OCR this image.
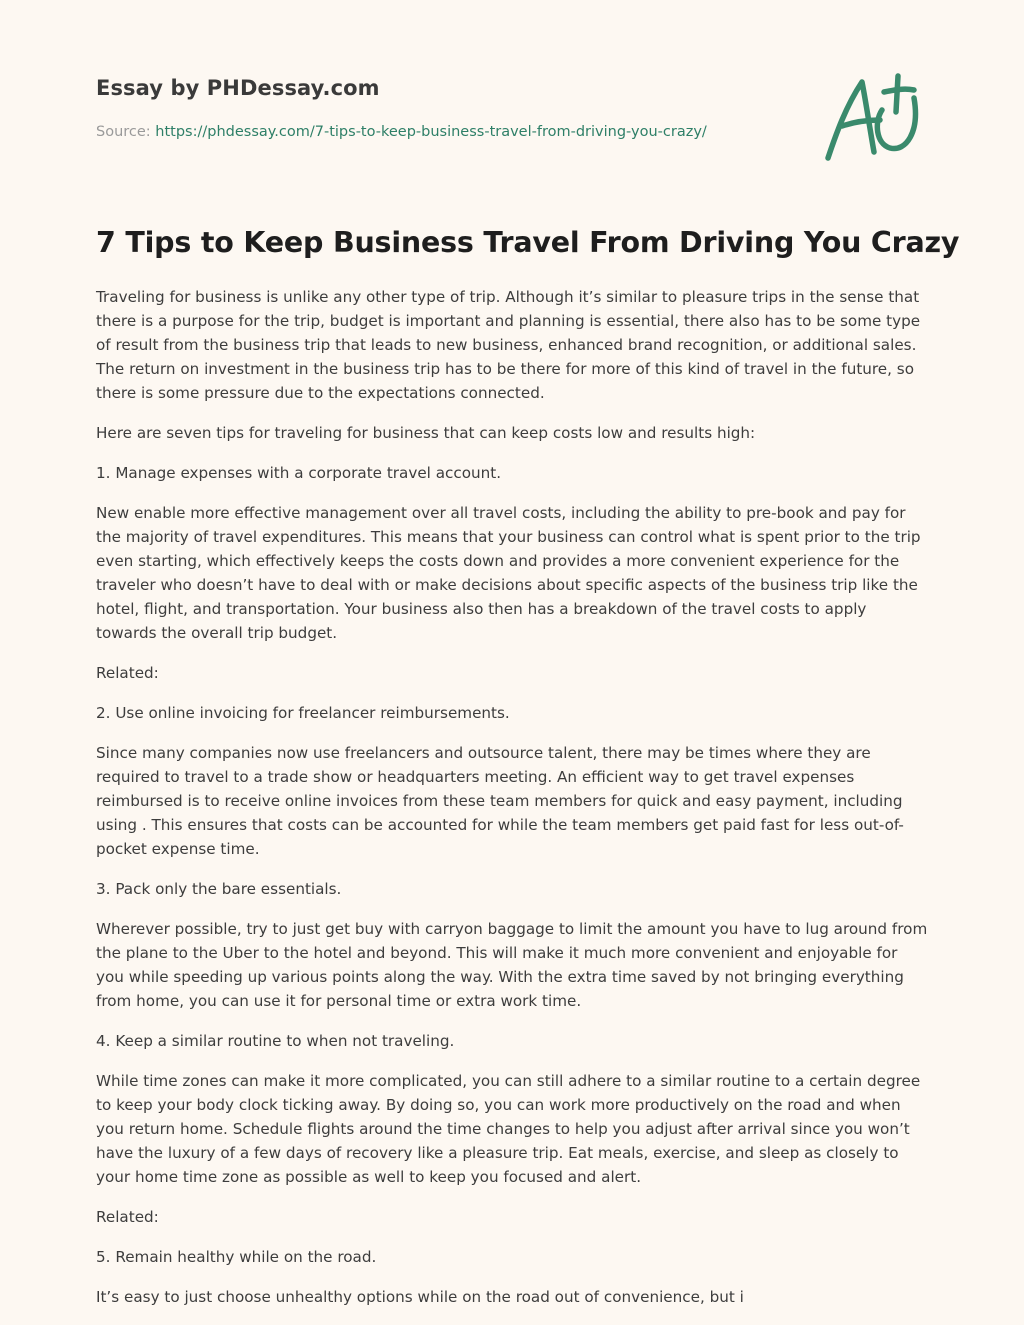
Essay by PHDessay.com
Source: https://phdessay.com/7-tips-to-keep-business-travel-from-driving-you-crazy/
7 Tips to Keep Business Travel From Driving You Crazy

Traveling for business is unlike any other type of trip. Although it’s similar to pleasure trips in the sense that there is a purpose for the trip, budget is important and planning is essential, there also has to be some type of result from the business trip that leads to new business, enhanced brand recognition, or additional sales. The return on investment in the business trip has to be there for more of this kind of travel in the future, so there is some pressure due to the expectations connected.

Here are seven tips for traveling for business that can keep costs low and results high:

1. Manage expenses with a corporate travel account.

New enable more effective management over all travel costs, including the ability to pre-book and pay for the majority of travel expenditures. This means that your business can control what is spent prior to the trip even starting, which effectively keeps the costs down and provides a more convenient experience for the traveler who doesn’t have to deal with or make decisions about specific aspects of the business trip like the hotel, flight, and transportation. Your business also then has a breakdown of the travel costs to apply towards the overall trip budget.

Related:

2. Use online invoicing for freelancer reimbursements.

Since many companies now use freelancers and outsource talent, there may be times where they are required to travel to a trade show or headquarters meeting. An efficient way to get travel expenses reimbursed is to receive online invoices from these team members for quick and easy payment, including using . This ensures that costs can be accounted for while the team members get paid fast for less out-of-pocket expense time.

3. Pack only the bare essentials.

Wherever possible, try to just get buy with carryon baggage to limit the amount you have to lug around from the plane to the Uber to the hotel and beyond. This will make it much more convenient and enjoyable for you while speeding up various points along the way. With the extra time saved by not bringing everything from home, you can use it for personal time or extra work time.

4. Keep a similar routine to when not traveling.

While time zones can make it more complicated, you can still adhere to a similar routine to a certain degree to keep your body clock ticking away. By doing so, you can work more productively on the road and when you return home. Schedule flights around the time changes to help you adjust after arrival since you won’t have the luxury of a few days of recovery like a pleasure trip. Eat meals, exercise, and sleep as closely to your home time zone as possible as well to keep you focused and alert.

Related:

5. Remain healthy while on the road.

It’s easy to just choose unhealthy options while on the road out of convenience, but i
